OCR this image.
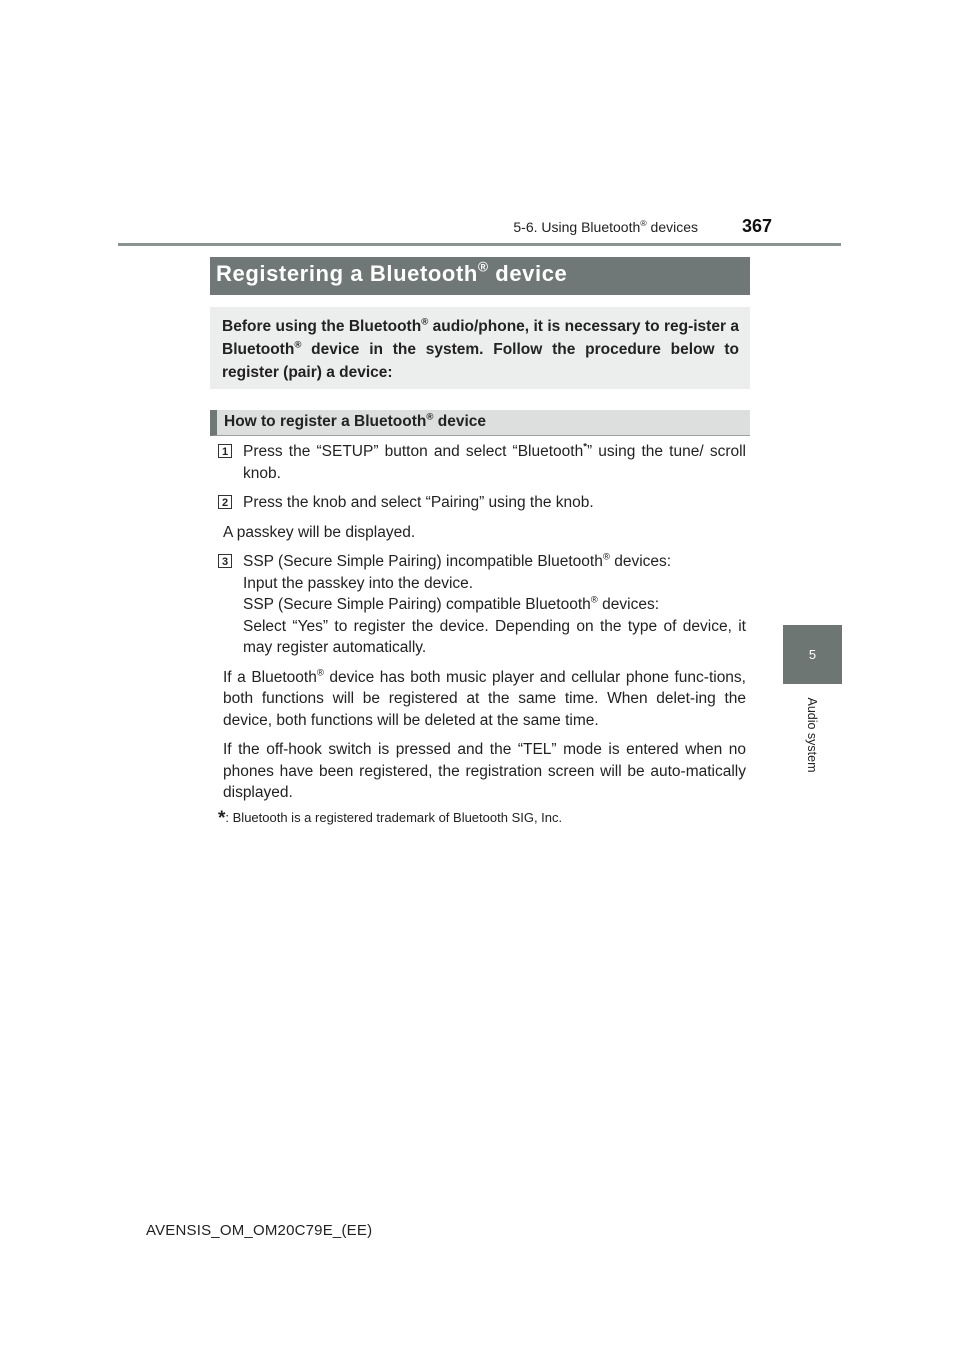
5-6. Using Bluetooth® devices 367
5
Audio system
Registering a Bluetooth® device
Before using the Bluetooth® audio/phone, it is necessary to reg-ister a Bluetooth® device in the system. Follow the procedure below to register (pair) a device:
How to register a Bluetooth® device
1 Press the “SETUP” button and select “Bluetooth*” using the tune/ scroll knob.
2 Press the knob and select “Pairing” using the knob.
A passkey will be displayed.
3 SSP (Secure Simple Pairing) incompatible Bluetooth® devices:
Input the passkey into the device.
SSP (Secure Simple Pairing) compatible Bluetooth® devices:
Select “Yes” to register the device. Depending on the type of device, it may register automatically.
If a Bluetooth® device has both music player and cellular phone func-tions, both functions will be registered at the same time. When delet-ing the device, both functions will be deleted at the same time.
If the off-hook switch is pressed and the “TEL” mode is entered when no phones have been registered, the registration screen will be auto-matically displayed.
*: Bluetooth is a registered trademark of Bluetooth SIG, Inc.
AVENSIS_OM_OM20C79E_(EE)
